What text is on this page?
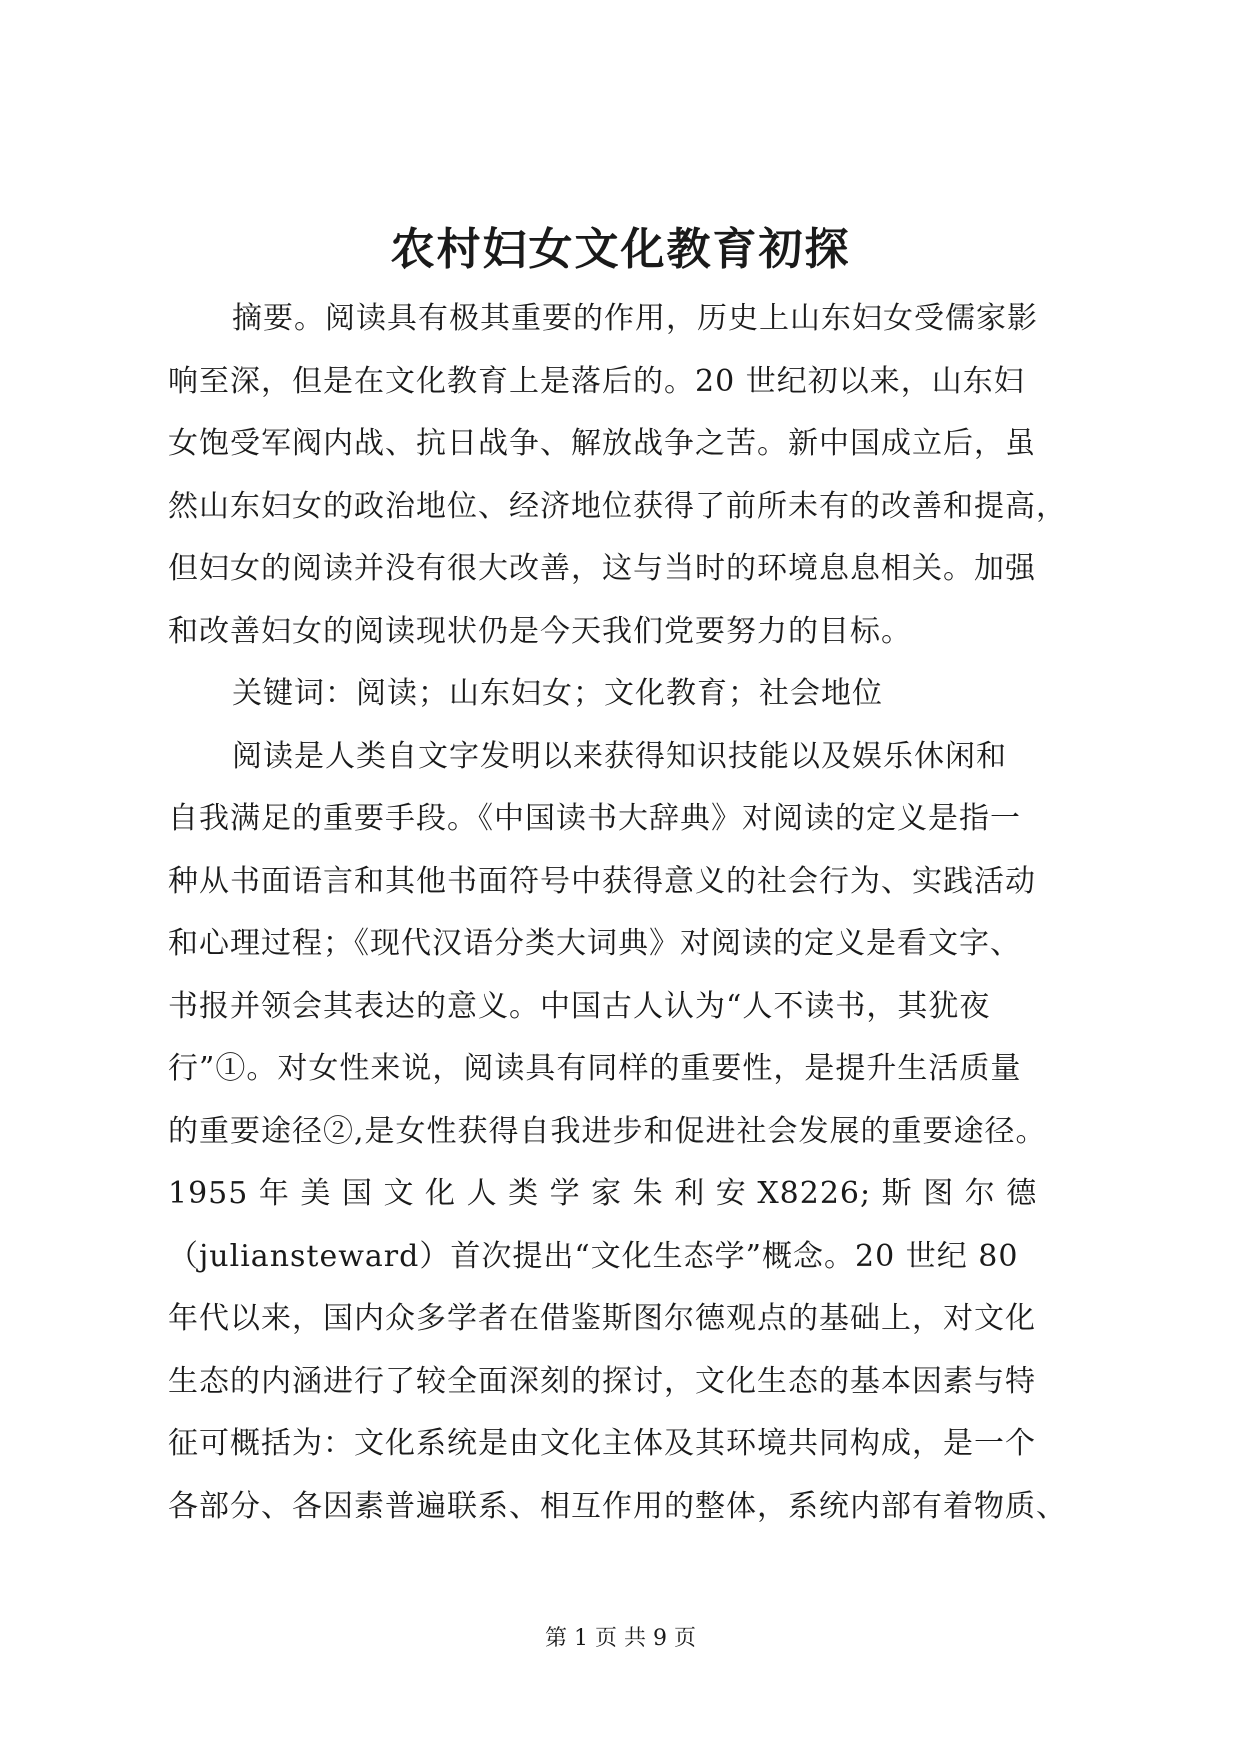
农村妇女文化教育初探

摘要。阅读具有极其重要的作用，历史上山东妇女受儒家影

响至深，但是在文化教育上是落后的。20 世纪初以来，山东妇

女饱受军阀内战、抗日战争、解放战争之苦。新中国成立后，虽

然山东妇女的政治地位、经济地位获得了前所未有的改善和提高，

但妇女的阅读并没有很大改善，这与当时的环境息息相关。加强

和改善妇女的阅读现状仍是今天我们党要努力的目标。

关键词：阅读；山东妇女；文化教育；社会地位

阅读是人类自文字发明以来获得知识技能以及娱乐休闲和

自我满足的重要手段。《中国读书大辞典》对阅读的定义是指一

种从书面语言和其他书面符号中获得意义的社会行为、实践活动

和心理过程；《现代汉语分类大词典》对阅读的定义是看文字、

书报并领会其表达的意义。中国古人认为“人不读书，其犹夜

行”①。对女性来说，阅读具有同样的重要性，是提升生活质量

的重要途径②,是女性获得自我进步和促进社会发展的重要途径。

1955 年 美 国 文 化 人 类 学 家 朱 利 安 X8226; 斯 图 尔 德

（juliansteward）首次提出“文化生态学”概念。20 世纪 80

年代以来，国内众多学者在借鉴斯图尔德观点的基础上，对文化

生态的内涵进行了较全面深刻的探讨，文化生态的基本因素与特

征可概括为：文化系统是由文化主体及其环境共同构成，是一个

各部分、各因素普遍联系、相互作用的整体，系统内部有着物质、

第 1 页 共 9 页
